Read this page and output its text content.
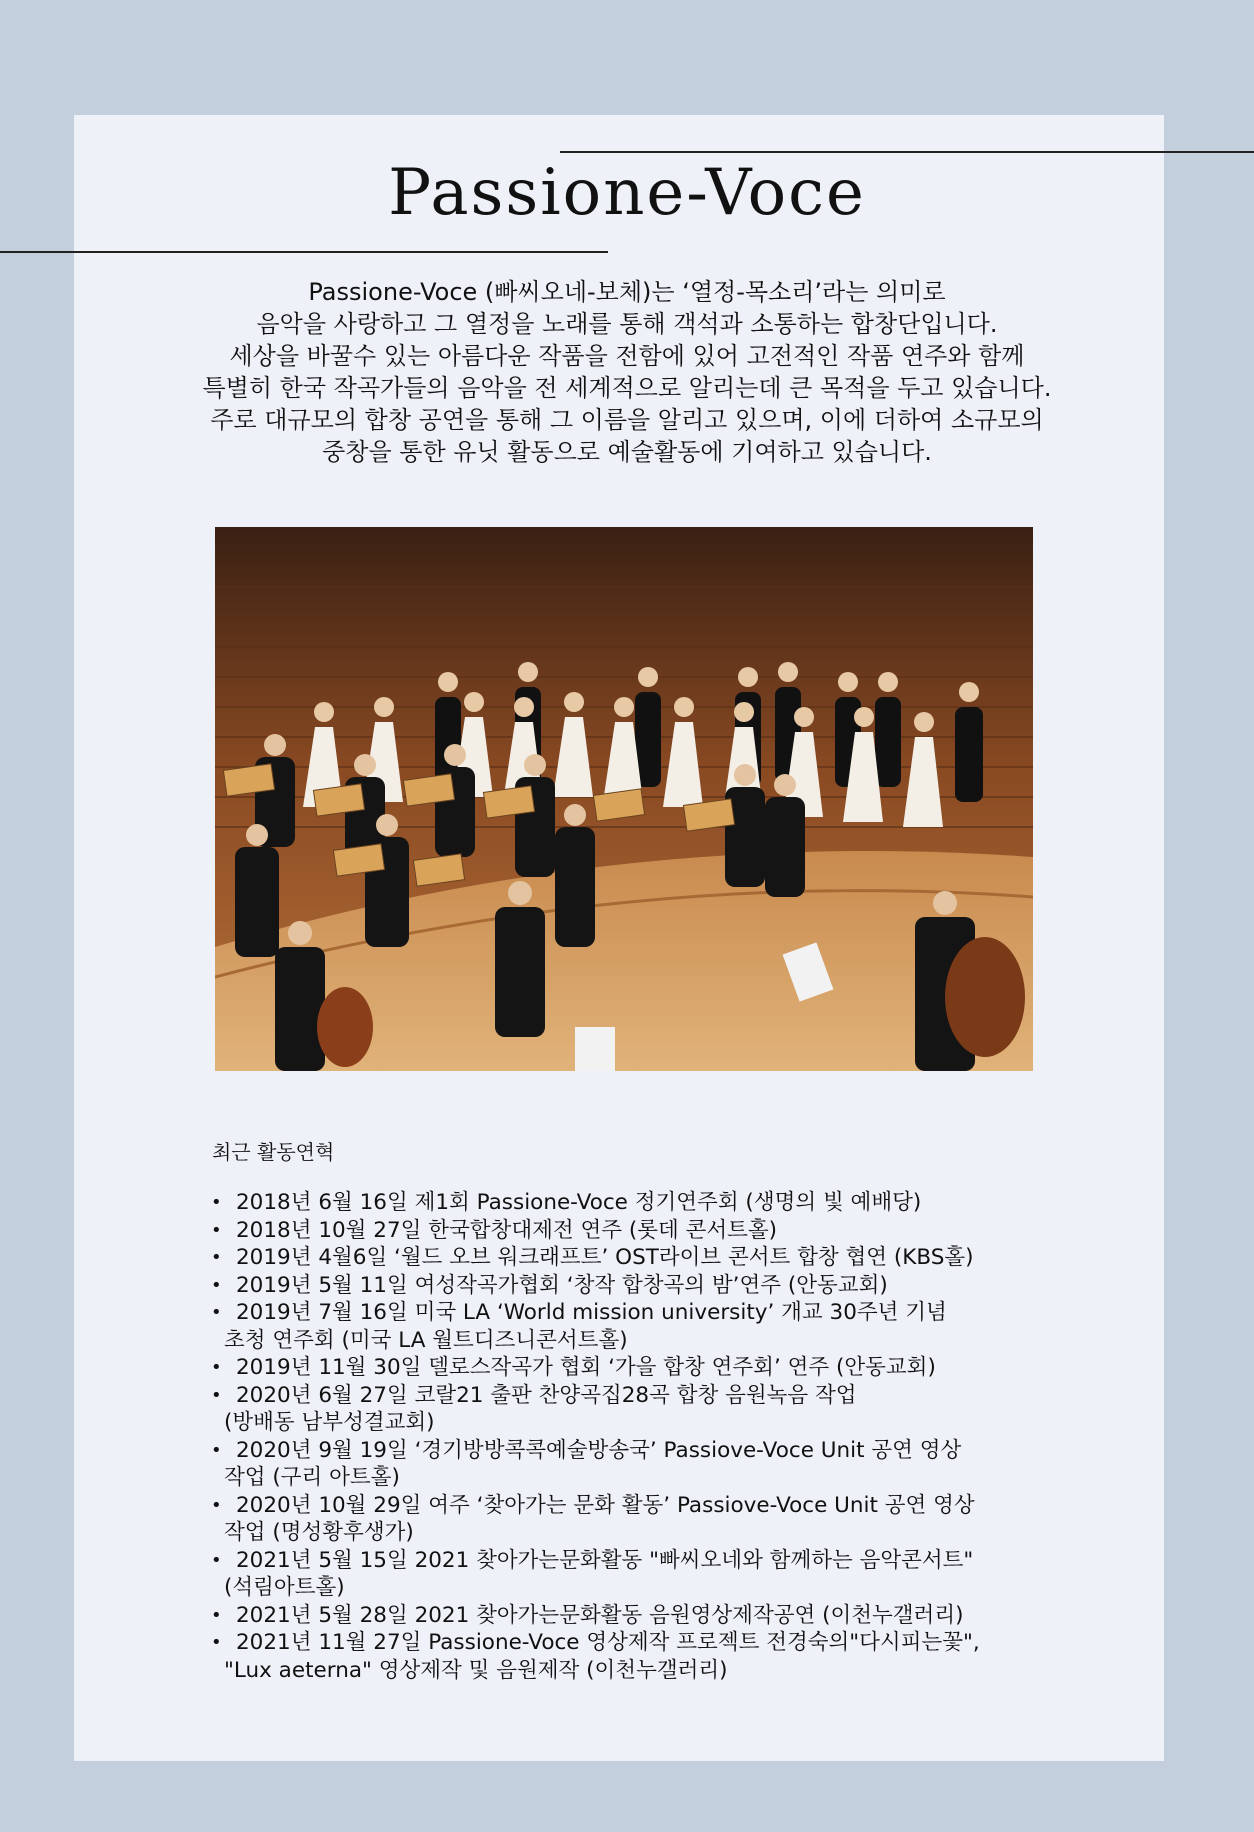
Passione-Voce

Passione-Voce (빠씨오네-보체)는 ‘열정-목소리’라는 의미로

음악을 사랑하고 그 열정을 노래를 통해 객석과 소통하는 합창단입니다.

세상을 바꿀수 있는 아름다운 작품을 전함에 있어 고전적인 작품 연주와 함께

특별히 한국 작곡가들의 음악을 전 세계적으로 알리는데 큰 목적을 두고 있습니다.

주로 대규모의 합창 공연을 통해 그 이름을 알리고 있으며, 이에 더하여 소규모의

중창을 통한 유닛 활동으로 예술활동에 기여하고 있습니다.

최근 활동연혁
• 2018년 6월 16일 제1회 Passione-Voce 정기연주회 (생명의 빛 예배당)
• 2018년 10월 27일 한국합창대제전 연주 (롯데 콘서트홀)
• 2019년 4월6일 ‘월드 오브 워크래프트’ OST라이브 콘서트 합창 협연 (KBS홀)
• 2019년 5월 11일 여성작곡가협회 ‘창작 합창곡의 밤’연주 (안동교회)
• 2019년 7월 16일 미국 LA ‘World mission university’ 개교 30주년 기념
초청 연주회 (미국 LA 월트디즈니콘서트홀)
• 2019년 11월 30일 델로스작곡가 협회 ‘가을 합창 연주회’ 연주 (안동교회)
• 2020년 6월 27일 코랄21 출판 찬양곡집28곡 합창 음원녹음 작업
(방배동 남부성결교회)
• 2020년 9월 19일 ‘경기방방콕콕예술방송국’ Passiove-Voce Unit 공연 영상
작업 (구리 아트홀)
• 2020년 10월 29일 여주 ‘찾아가는 문화 활동’ Passiove-Voce Unit 공연 영상
작업 (명성황후생가)
• 2021년 5월 15일 2021 찾아가는문화활동 "빠씨오네와 함께하는 음악콘서트"
(석림아트홀)
• 2021년 5월 28일 2021 찾아가는문화활동 음원영상제작공연 (이천누갤러리)
• 2021년 11월 27일 Passione-Voce 영상제작 프로젝트 전경숙의"다시피는꽃",
"Lux aeterna" 영상제작 및 음원제작 (이천누갤러리)
